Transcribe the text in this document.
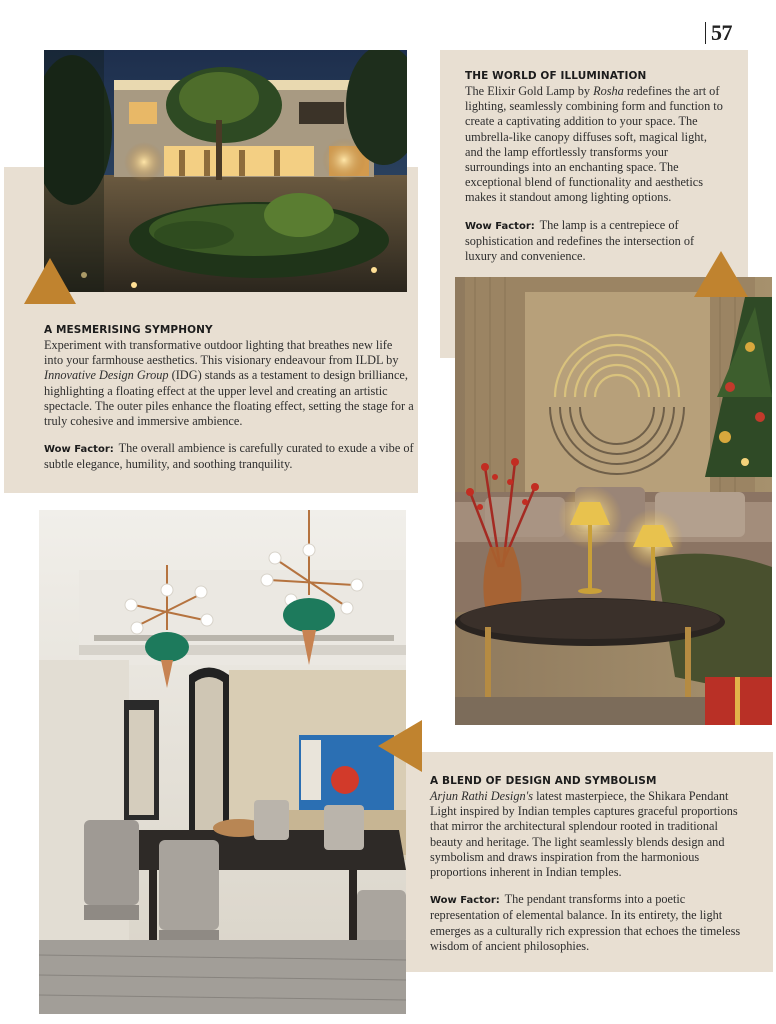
57
A MESMERISING SYMPHONY

Experiment with transformative outdoor lighting that breathes new life into your farmhouse aesthetics. This visionary endeavour from ILDL by Innovative Design Group (IDG) stands as a testament to design brilliance, highlighting a floating effect at the upper level and creating an artistic spectacle. The outer piles enhance the floating effect, setting the stage for a truly cohesive and immersive ambience.

Wow Factor: The overall ambience is carefully curated to exude a vibe of subtle elegance, humility, and soothing tranquility.

THE WORLD OF ILLUMINATION

The Elixir Gold Lamp by Rosha redefines the art of lighting, seamlessly combining form and function to create a captivating addition to your space. The umbrella-like canopy diffuses soft, magical light, and the lamp effortlessly transforms your surroundings into an enchanting space. The exceptional blend of functionality and aesthetics makes it standout among lighting options.

Wow Factor: The lamp is a centrepiece of sophistication and redefines the intersection of luxury and convenience.

A BLEND OF DESIGN AND SYMBOLISM

Arjun Rathi Design's latest masterpiece, the Shikara Pendant Light inspired by Indian temples captures graceful proportions that mirror the architectural splendour rooted in traditional beauty and heritage. The light seamlessly blends design and symbolism and draws inspiration from the harmonious proportions inherent in Indian temples.

Wow Factor: The pendant transforms into a poetic representation of elemental balance. In its entirety, the light emerges as a culturally rich expression that echoes the timeless wisdom of ancient philosophies.
